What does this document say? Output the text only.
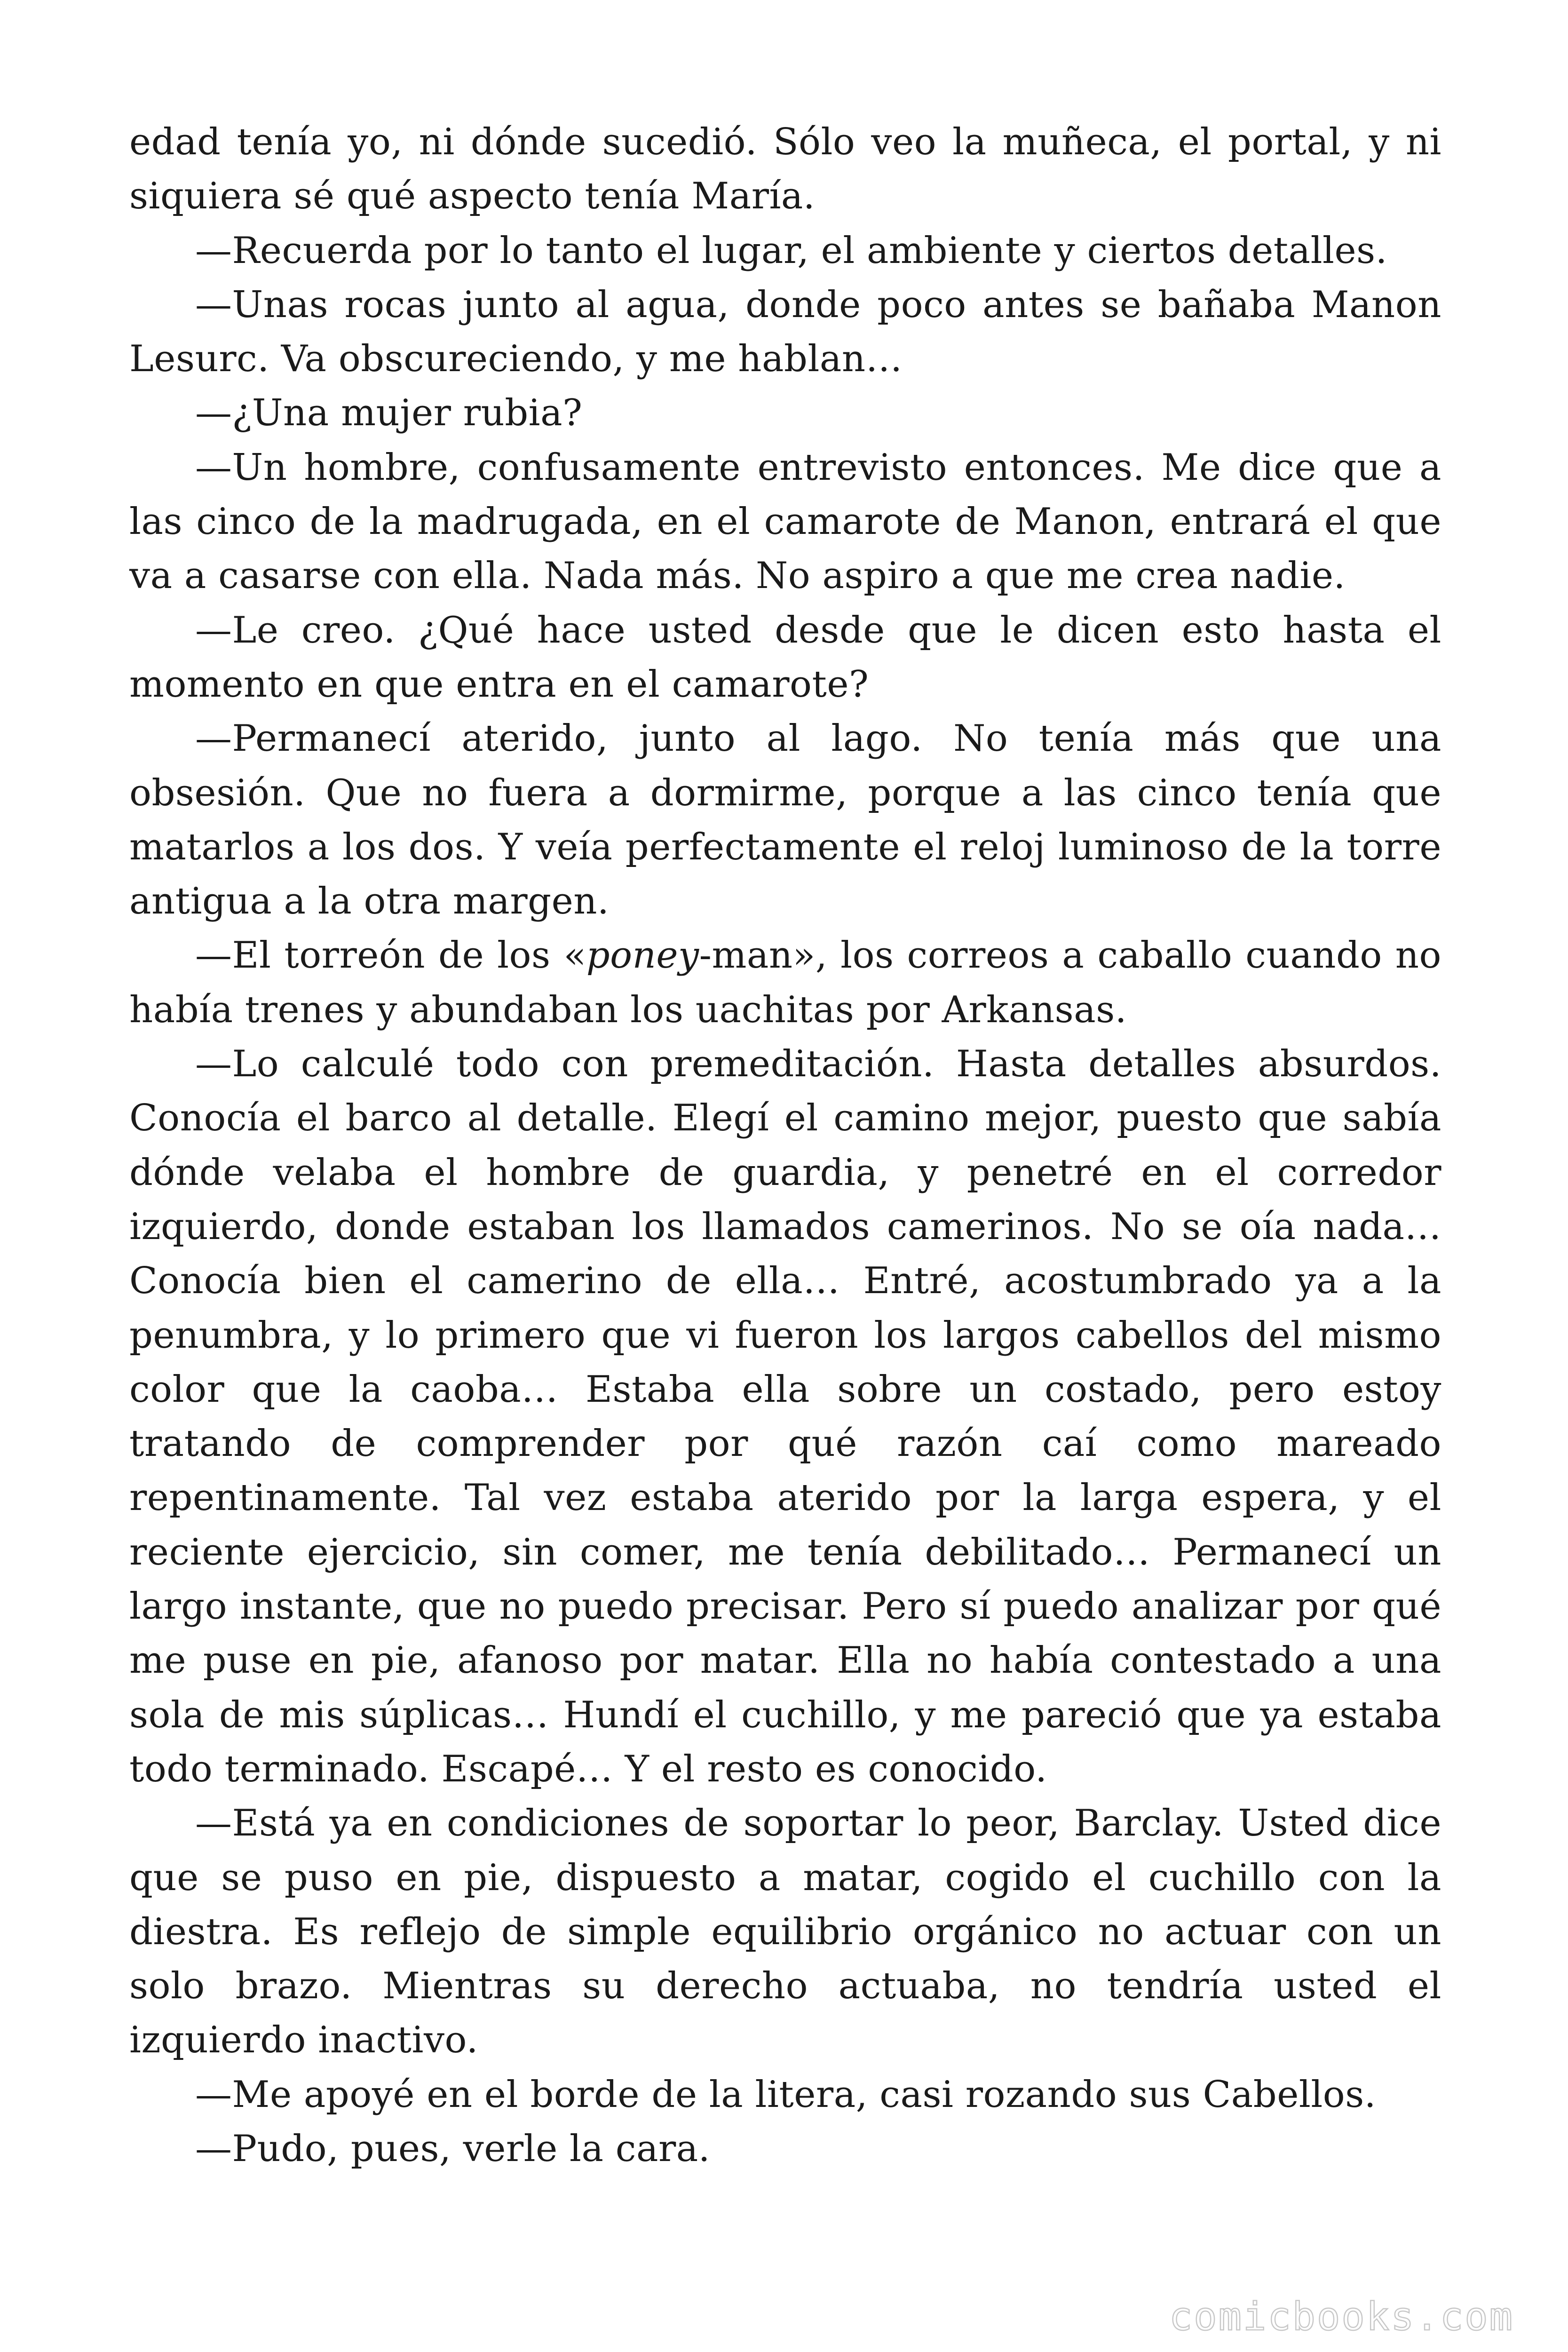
edad tenía yo, ni dónde sucedió. Sólo veo la muñeca, el portal, y ni siquiera sé qué aspecto tenía María.

—Recuerda por lo tanto el lugar, el ambiente y ciertos detalles.

—Unas rocas junto al agua, donde poco antes se bañaba Manon Lesurc. Va obscureciendo, y me hablan…

—¿Una mujer rubia?

—Un hombre, confusamente entrevisto entonces. Me dice que a las cinco de la madrugada, en el camarote de Manon, entrará el que va a casarse con ella. Nada más. No aspiro a que me crea nadie.

—Le creo. ¿Qué hace usted desde que le dicen esto hasta el momento en que entra en el camarote?

—Permanecí aterido, junto al lago. No tenía más que una obsesión. Que no fuera a dormirme, porque a las cinco tenía que matarlos a los dos. Y veía perfectamente el reloj luminoso de la torre antigua a la otra margen.

—El torreón de los «poney-man», los correos a caballo cuando no había trenes y abundaban los uachitas por Arkansas.

—Lo calculé todo con premeditación. Hasta detalles absurdos. Conocía el barco al detalle. Elegí el camino mejor, puesto que sabía dónde velaba el hombre de guardia, y penetré en el corredor izquierdo, donde estaban los llamados camerinos. No se oía nada… Conocía bien el camerino de ella… Entré, acostumbrado ya a la penumbra, y lo primero que vi fueron los largos cabellos del mismo color que la caoba… Estaba ella sobre un costado, pero estoy tratando de comprender por qué razón caí como mareado repentinamente. Tal vez estaba aterido por la larga espera, y el reciente ejercicio, sin comer, me tenía debilitado… Permanecí un largo instante, que no puedo precisar. Pero sí puedo analizar por qué me puse en pie, afanoso por matar. Ella no había contestado a una sola de mis súplicas… Hundí el cuchillo, y me pareció que ya estaba todo terminado. Escapé… Y el resto es conocido.

—Está ya en condiciones de soportar lo peor, Barclay. Usted dice que se puso en pie, dispuesto a matar, cogido el cuchillo con la diestra. Es reflejo de simple equilibrio orgánico no actuar con un solo brazo. Mientras su derecho actuaba, no tendría usted el izquierdo inactivo.

—Me apoyé en el borde de la litera, casi rozando sus Cabellos.

—Pudo, pues, verle la cara.

comicbooks.com
